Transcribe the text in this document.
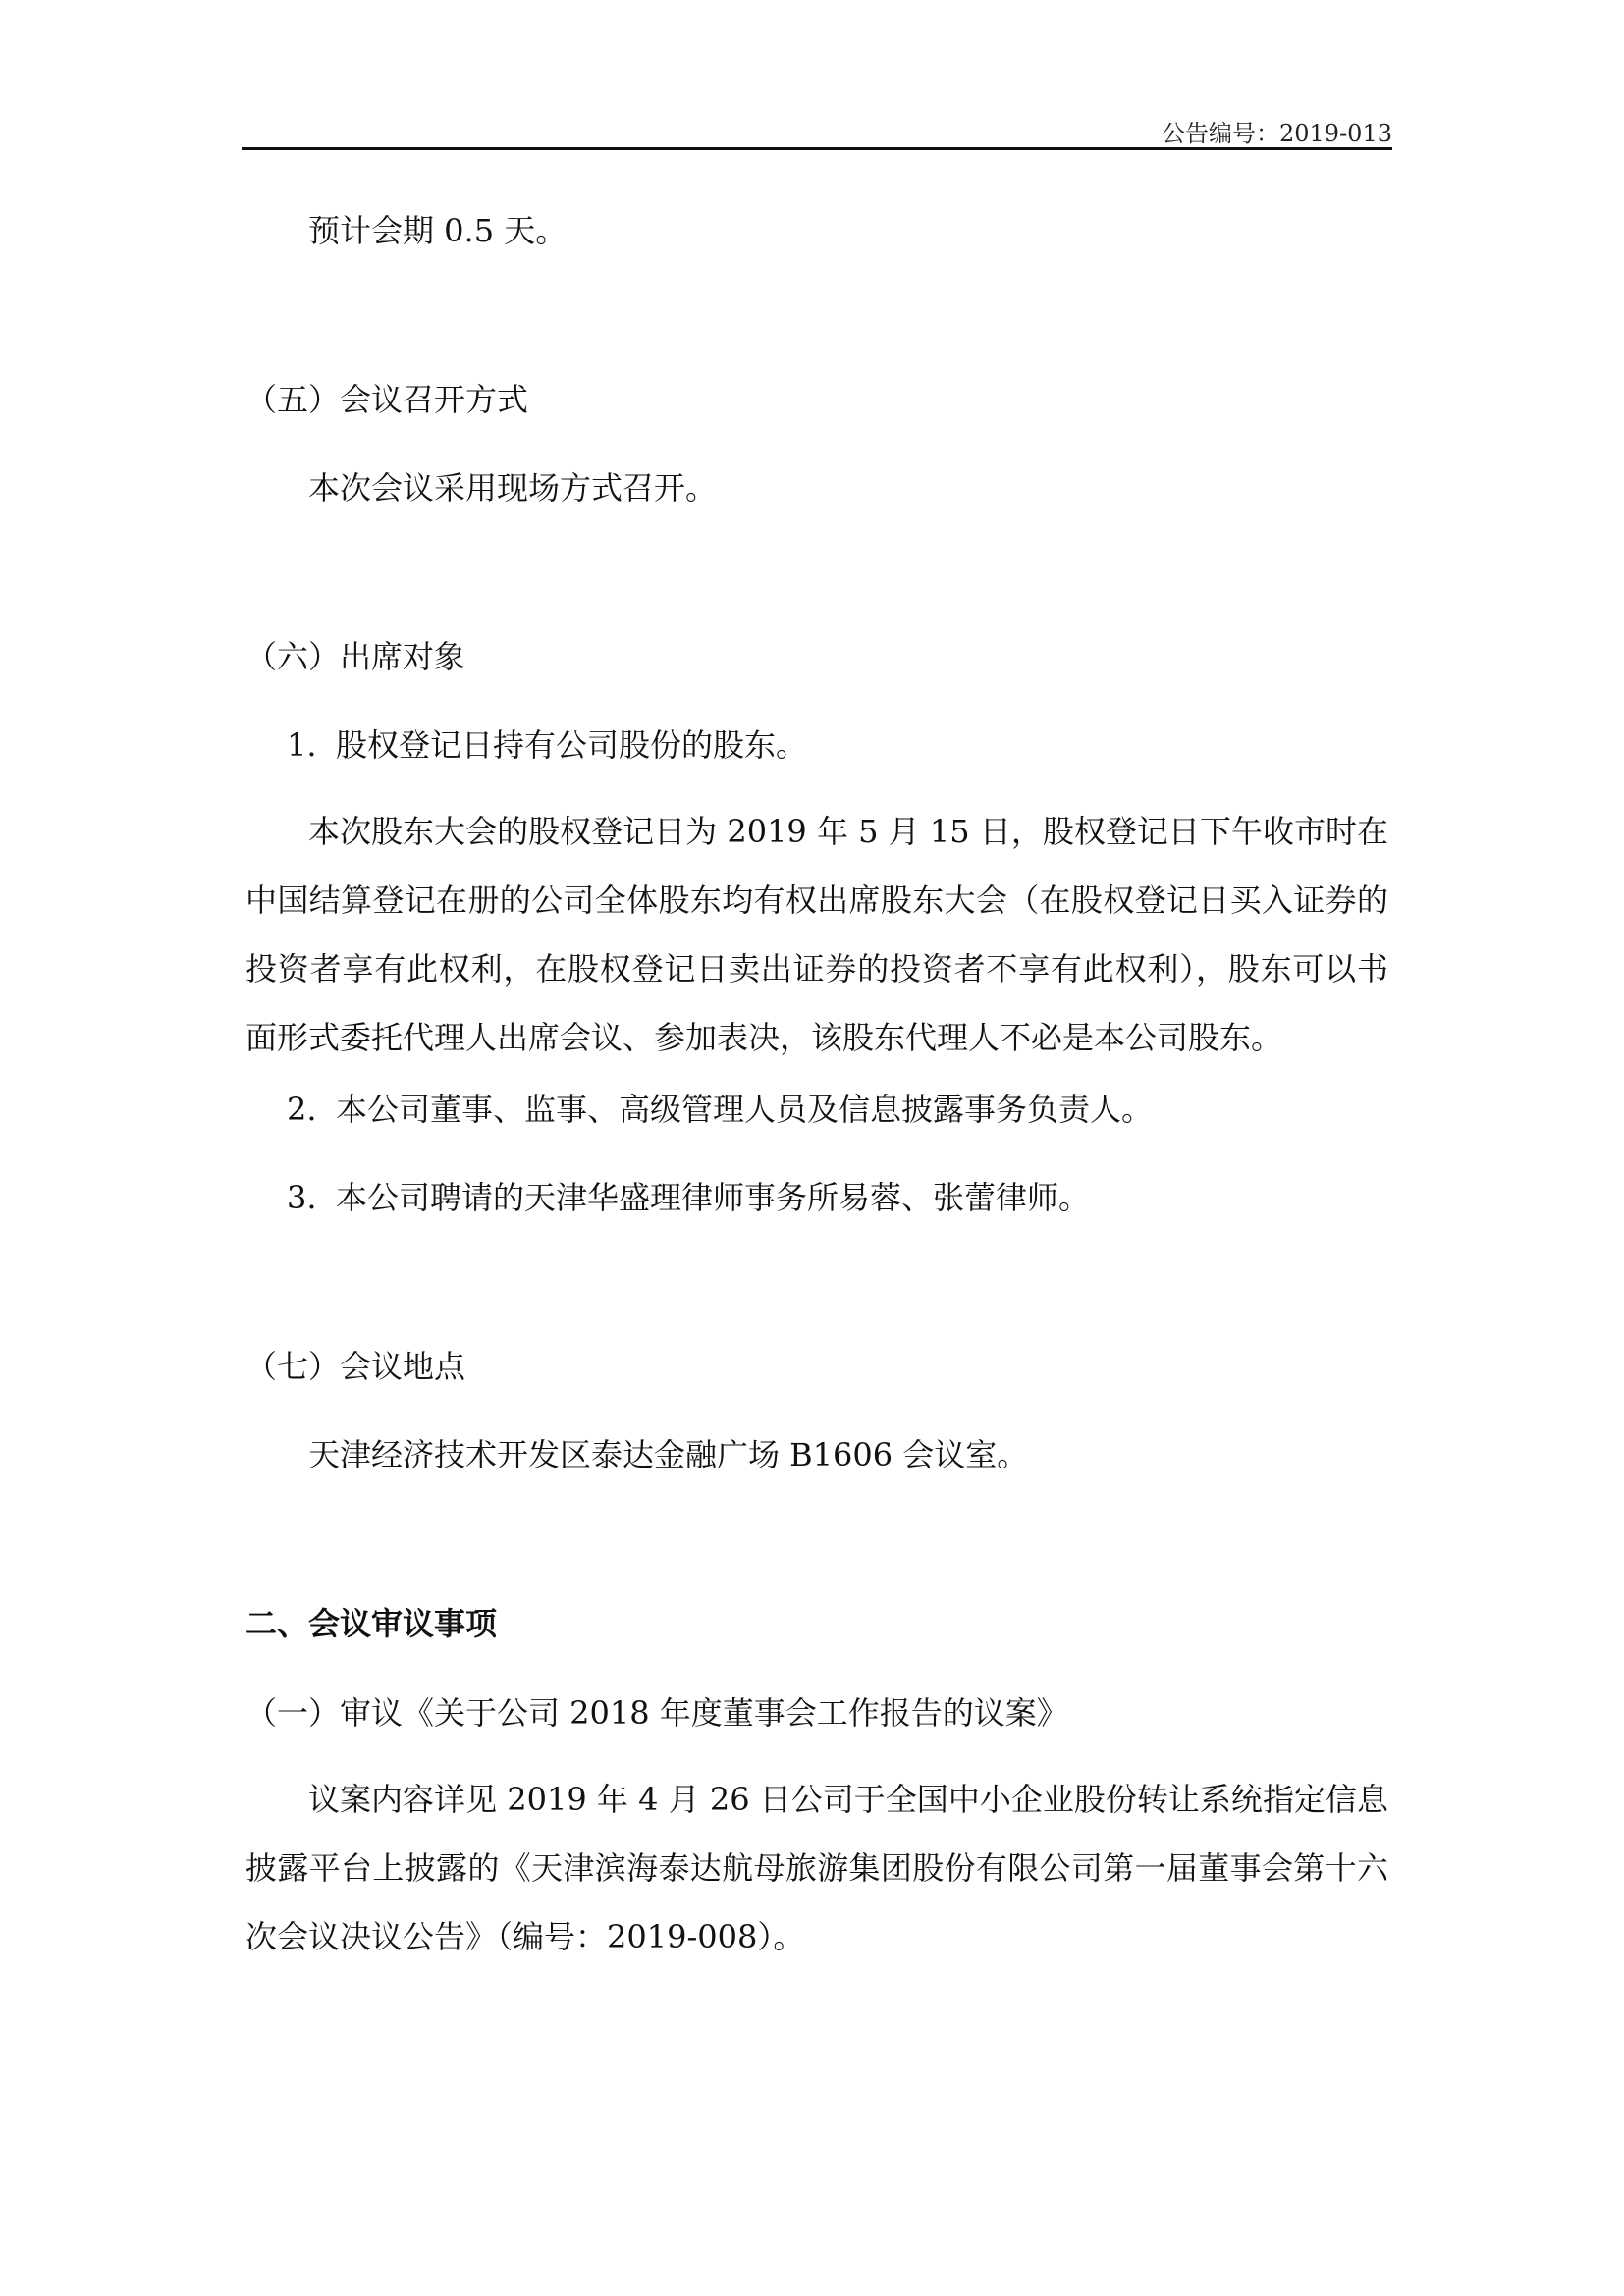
公告编号：2019-013

预计会期 0.5 天。

（五）会议召开方式

本次会议采用现场方式召开。

（六）出席对象

1. 股权登记日持有公司股份的股东。

本次股东大会的股权登记日为 2019 年 5 月 15 日，股权登记日下午收市时在中国结算登记在册的公司全体股东均有权出席股东大会（在股权登记日买入证券的投资者享有此权利，在股权登记日卖出证券的投资者不享有此权利），股东可以书面形式委托代理人出席会议、参加表决，该股东代理人不必是本公司股东。

2. 本公司董事、监事、高级管理人员及信息披露事务负责人。

3. 本公司聘请的天津华盛理律师事务所易蓉、张蕾律师。

（七）会议地点

天津经济技术开发区泰达金融广场 B1606 会议室。

二、会议审议事项

（一）审议《关于公司 2018 年度董事会工作报告的议案》

议案内容详见 2019 年 4 月 26 日公司于全国中小企业股份转让系统指定信息披露平台上披露的《天津滨海泰达航母旅游集团股份有限公司第一届董事会第十六次会议决议公告》（编号：2019-008）。
